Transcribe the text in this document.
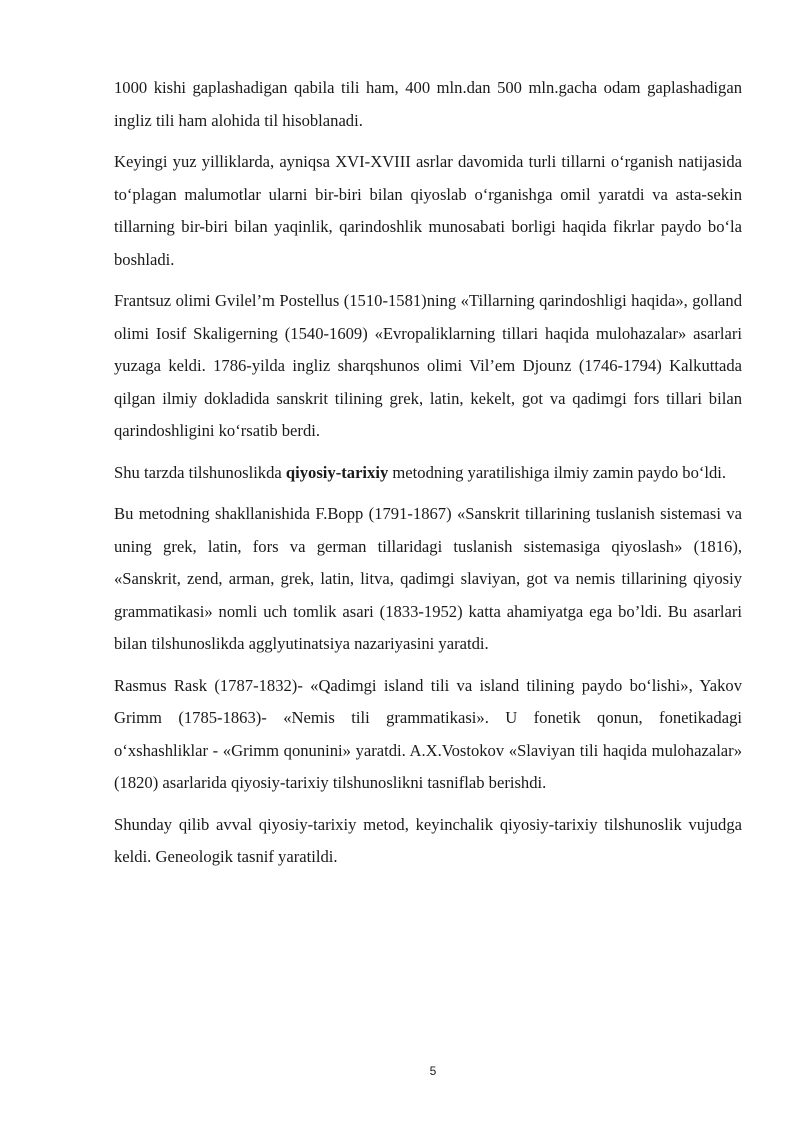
1000 kishi gaplashadigan qabila tili ham, 400 mln.dan 500 mln.gacha odam gaplashadigan ingliz tili ham alohida til hisoblanadi.

Keyingi yuz yilliklarda, ayniqsa XVI-XVIII asrlar davomida turli tillarni o‘rganish natijasida to‘plagan malumotlar ularni bir-biri bilan qiyoslab o‘rganishga omil yaratdi va asta-sekin tillarning bir-biri bilan yaqinlik, qarindoshlik munosabati borligi haqida fikrlar paydo bo‘la boshladi.

Frantsuz olimi Gvilel’m Postellus (1510-1581)ning «Tillarning qarindoshligi haqida», golland olimi Iosif Skaligerning (1540-1609) «Evropaliklarning tillari haqida mulohazalar» asarlari yuzaga keldi. 1786-yilda ingliz sharqshunos olimi Vil’em Djounz (1746-1794) Kalkuttada qilgan ilmiy dokladida sanskrit tilining grek, latin, kekelt, got va qadimgi fors tillari bilan qarindoshligini ko‘rsatib berdi.

Shu tarzda tilshunoslikda qiyosiy-tarixiy metodning yaratilishiga ilmiy zamin paydo bo‘ldi.

Bu metodning shakllanishida F.Bopp (1791-1867) «Sanskrit tillarining tuslanish sistemasi va uning grek, latin, fors va german tillaridagi tuslanish sistemasiga qiyoslash» (1816), «Sanskrit, zend, arman, grek, latin, litva, qadimgi slaviyan, got va nemis tillarining qiyosiy grammatikasi» nomli uch tomlik asari (1833-1952) katta ahamiyatga ega bo’ldi. Bu asarlari bilan tilshunoslikda agglyutinatsiya nazariyasini yaratdi.

Rasmus Rask (1787-1832)- «Qadimgi island tili va island tilining paydo bo‘lishi», Yakov Grimm (1785-1863)- «Nemis tili grammatikasi». U fonetik qonun, fonetikadagi o‘xshashliklar - «Grimm qonunini» yaratdi. A.X.Vostokov «Slaviyan tili haqida mulohazalar» (1820) asarlarida qiyosiy-tarixiy tilshunoslikni tasniflab berishdi.

Shunday qilib avval qiyosiy-tarixiy metod, keyinchalik qiyosiy-tarixiy tilshunoslik vujudga keldi. Geneologik tasnif yaratildi.

5
